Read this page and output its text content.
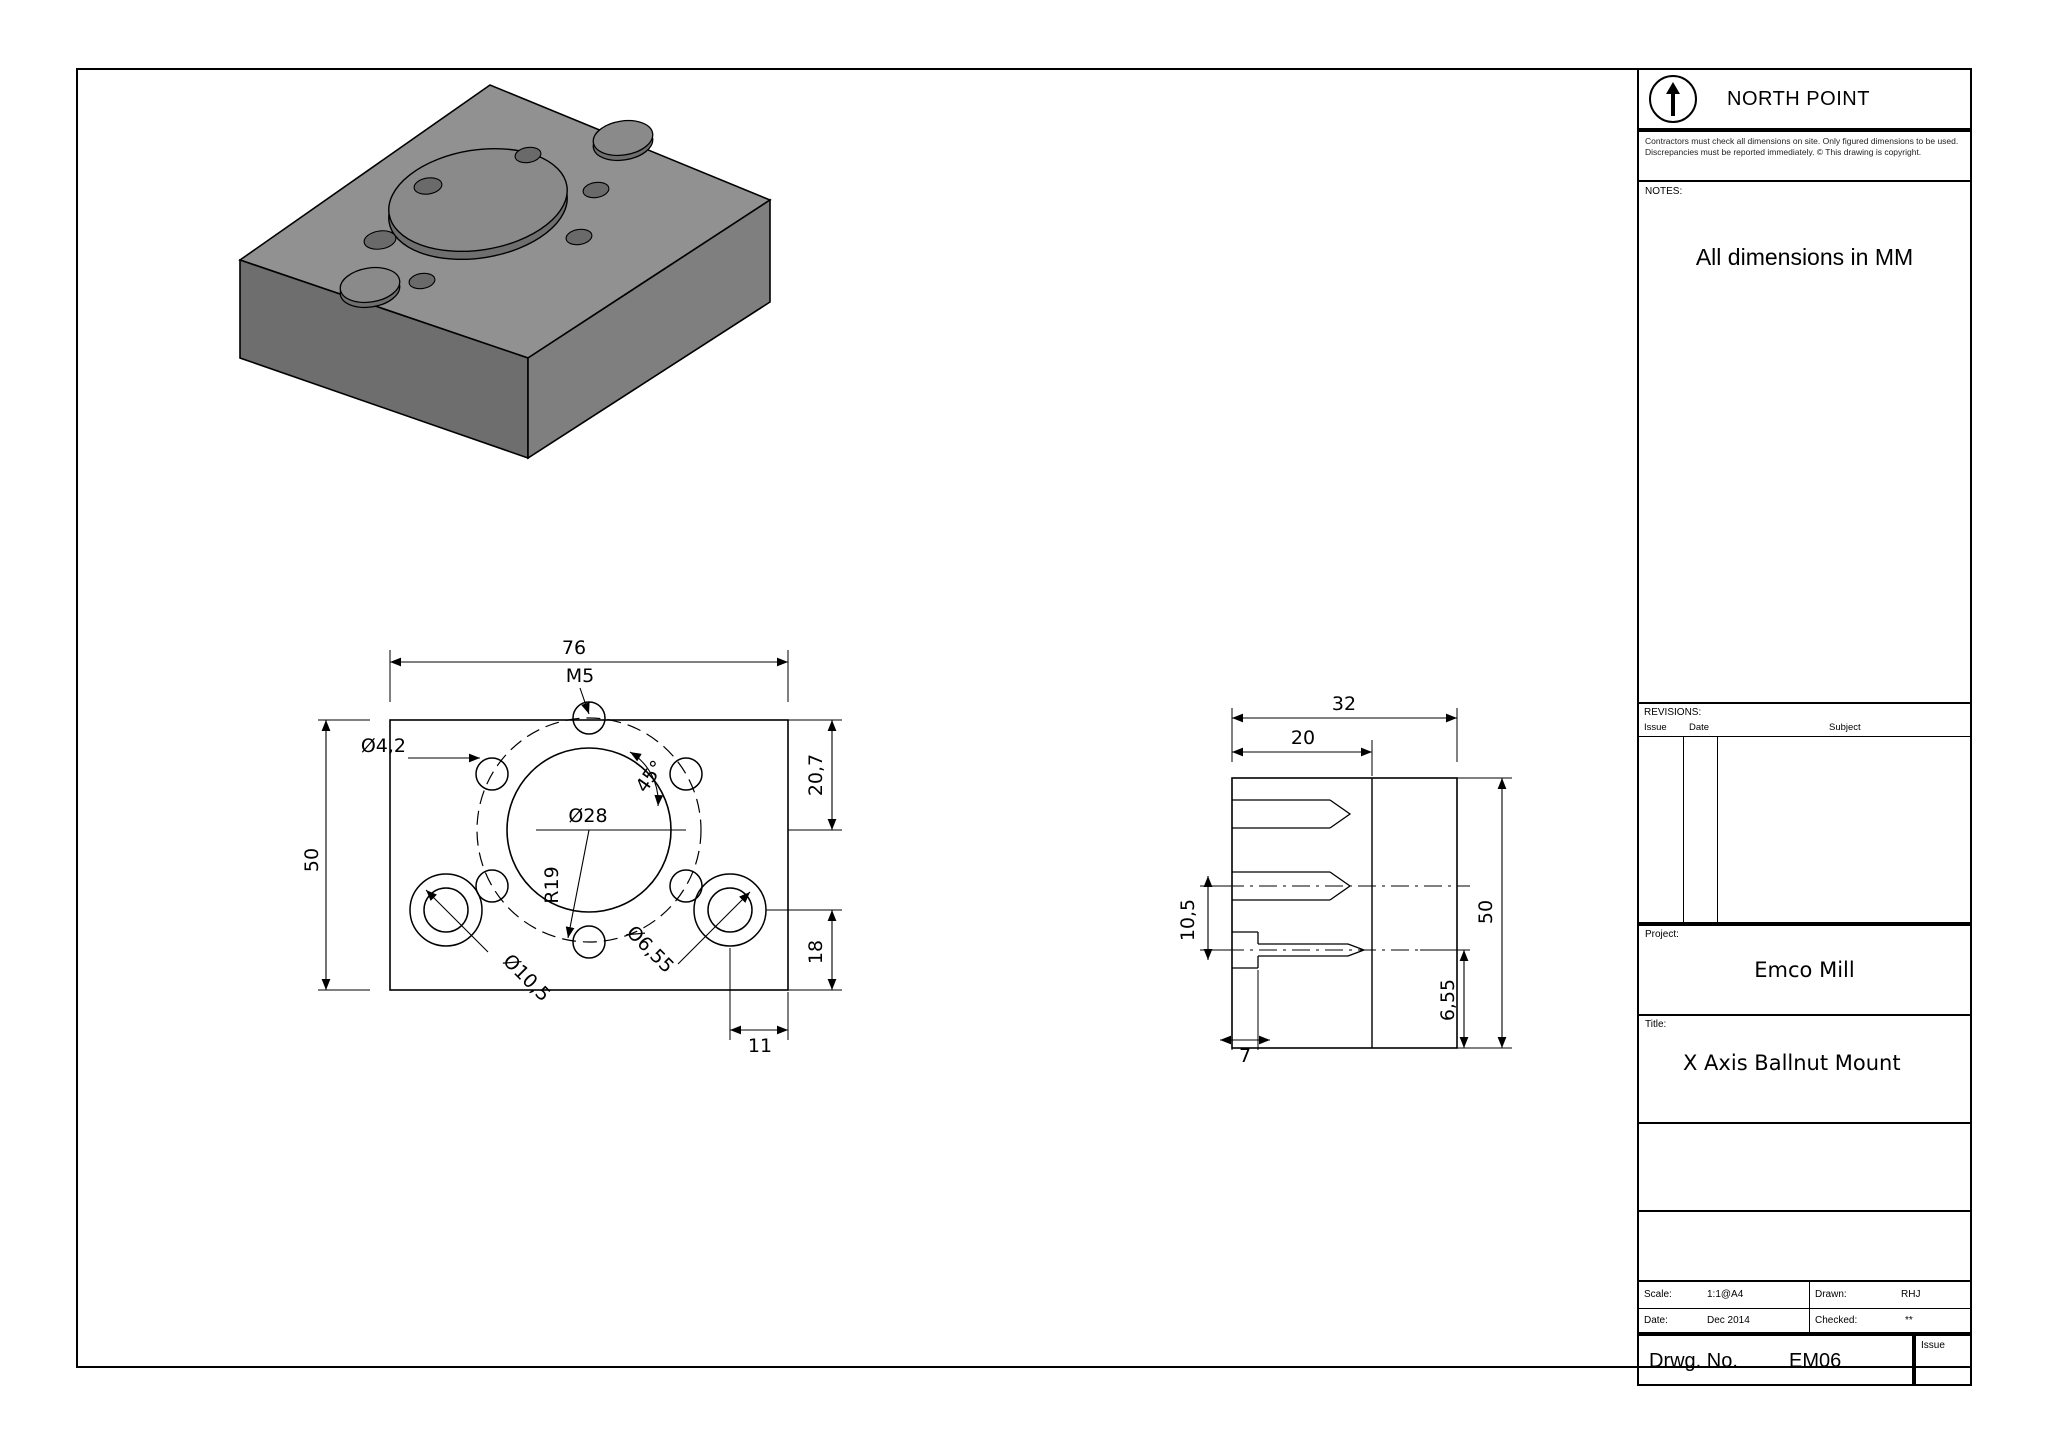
76
50
20,7
18
11
Ø4,2
M5
Ø28
R19
45°
Ø10,5
Ø6,55
32
20
50
6,55
10,5
7
NORTH POINT

Contractors must check all dimensions on site. Only figured dimensions to be used. Discrepancies must be reported immediately. © This drawing is copyright.

NOTES:
All dimensions in MM
REVISIONS:
Issue Date	Subject
Project:
Emco Mill
Title:
X Axis Ballnut Mount
Scale:	1:1@A4	Drawn:	RHJ
Date:	Dec 2014	Checked:	**
Drwg. No.	EM06
Issue
